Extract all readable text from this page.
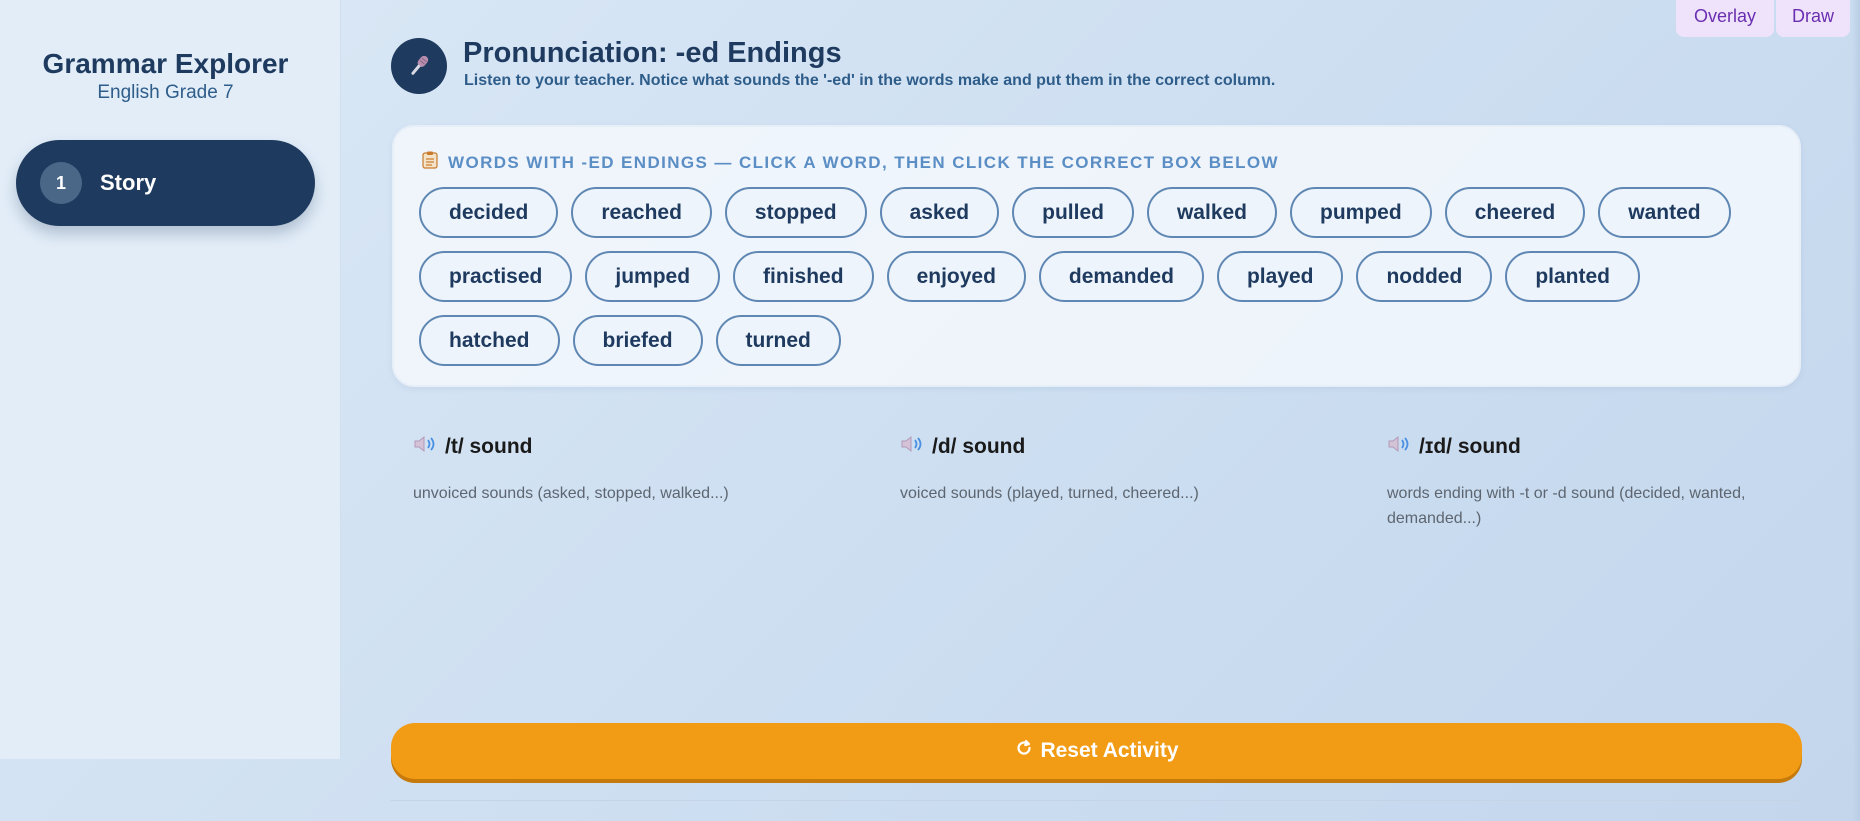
Grammar Explorer
English Grade 7
1	Story
Overlay	Draw
Pronunciation: -ed Endings
Listen to your teacher. Notice what sounds the '-ed' in the words make and put them in the correct column.
WORDS WITH -ED ENDINGS — CLICK A WORD, THEN CLICK THE CORRECT BOX BELOW
decided	reached	stopped	asked	pulled	walked	pumped	cheered	wanted
practised	jumped	finished	enjoyed	demanded	played	nodded	planted
hatched	briefed	turned
/t/ sound
unvoiced sounds (asked, stopped, walked...)
/d/ sound
voiced sounds (played, turned, cheered...)
/ɪd/ sound
words ending with -t or -d sound (decided, wanted, demanded...)
Reset Activity
